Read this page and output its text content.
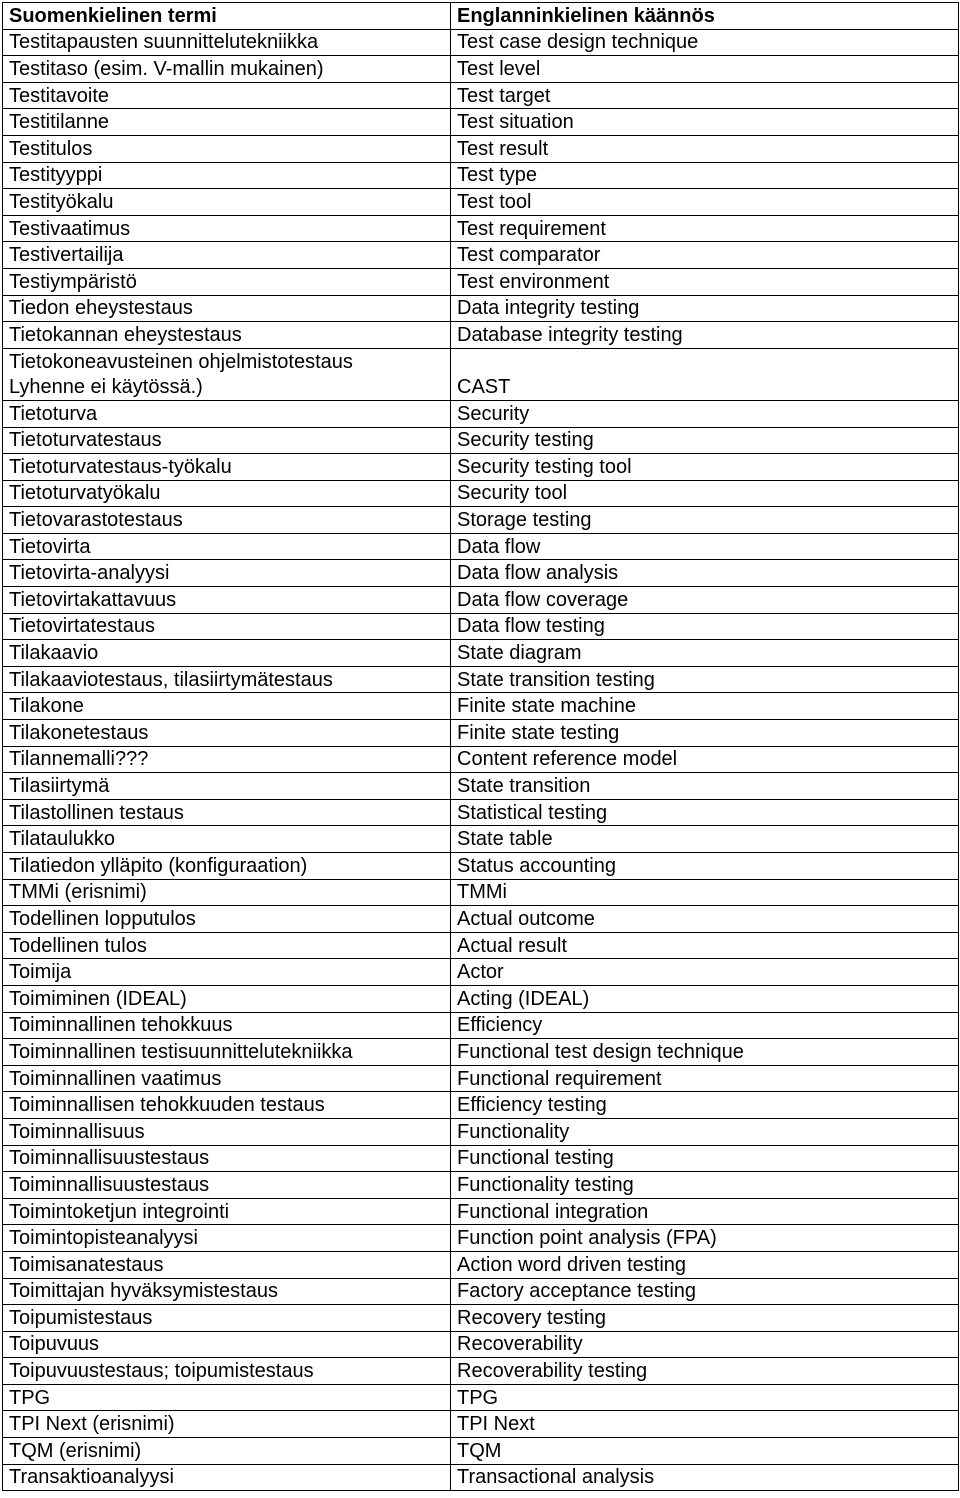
Suomenkielinen termi	Englanninkielinen käännös
Testitapausten suunnittelutekniikka	Test case design technique
Testitaso (esim. V-mallin mukainen)	Test level
Testitavoite	Test target
Testitilanne	Test situation
Testitulos	Test result
Testityyppi	Test type
Testityökalu	Test tool
Testivaatimus	Test requirement
Testivertailija	Test comparator
Testiympäristö	Test environment
Tiedon eheystestaus	Data integrity testing
Tietokannan eheystestaus	Database integrity testing
Tietokoneavusteinen ohjelmistotestaus	
Lyhenne ei käytössä.)	CAST
Tietoturva	Security
Tietoturvatestaus	Security testing
Tietoturvatestaus-työkalu	Security testing tool
Tietoturvatyökalu	Security tool
Tietovarastotestaus	Storage testing
Tietovirta	Data flow
Tietovirta-analyysi	Data flow analysis
Tietovirtakattavuus	Data flow coverage
Tietovirtatestaus	Data flow testing
Tilakaavio	State diagram
Tilakaaviotestaus, tilasiirtymätestaus	State transition testing
Tilakone	Finite state machine
Tilakonetestaus	Finite state testing
Tilannemalli???	Content reference model
Tilasiirtymä	State transition
Tilastollinen testaus	Statistical testing
Tilataulukko	State table
Tilatiedon ylläpito (konfiguraation)	Status accounting
TMMi (erisnimi)	TMMi
Todellinen lopputulos	Actual outcome
Todellinen tulos	Actual result
Toimija	Actor
Toimiminen (IDEAL)	Acting (IDEAL)
Toiminnallinen tehokkuus	Efficiency
Toiminnallinen testisuunnittelutekniikka	Functional test design technique
Toiminnallinen vaatimus	Functional requirement
Toiminnallisen tehokkuuden testaus	Efficiency testing
Toiminnallisuus	Functionality
Toiminnallisuustestaus	Functional testing
Toiminnallisuustestaus	Functionality testing
Toimintoketjun integrointi	Functional integration
Toimintopisteanalyysi	Function point analysis (FPA)
Toimisanatestaus	Action word driven testing
Toimittajan hyväksymistestaus	Factory acceptance testing
Toipumistestaus	Recovery testing
Toipuvuus	Recoverability
Toipuvuustestaus; toipumistestaus	Recoverability testing
TPG	TPG
TPI Next (erisnimi)	TPI Next
TQM (erisnimi)	TQM
Transaktioanalyysi	Transactional analysis
